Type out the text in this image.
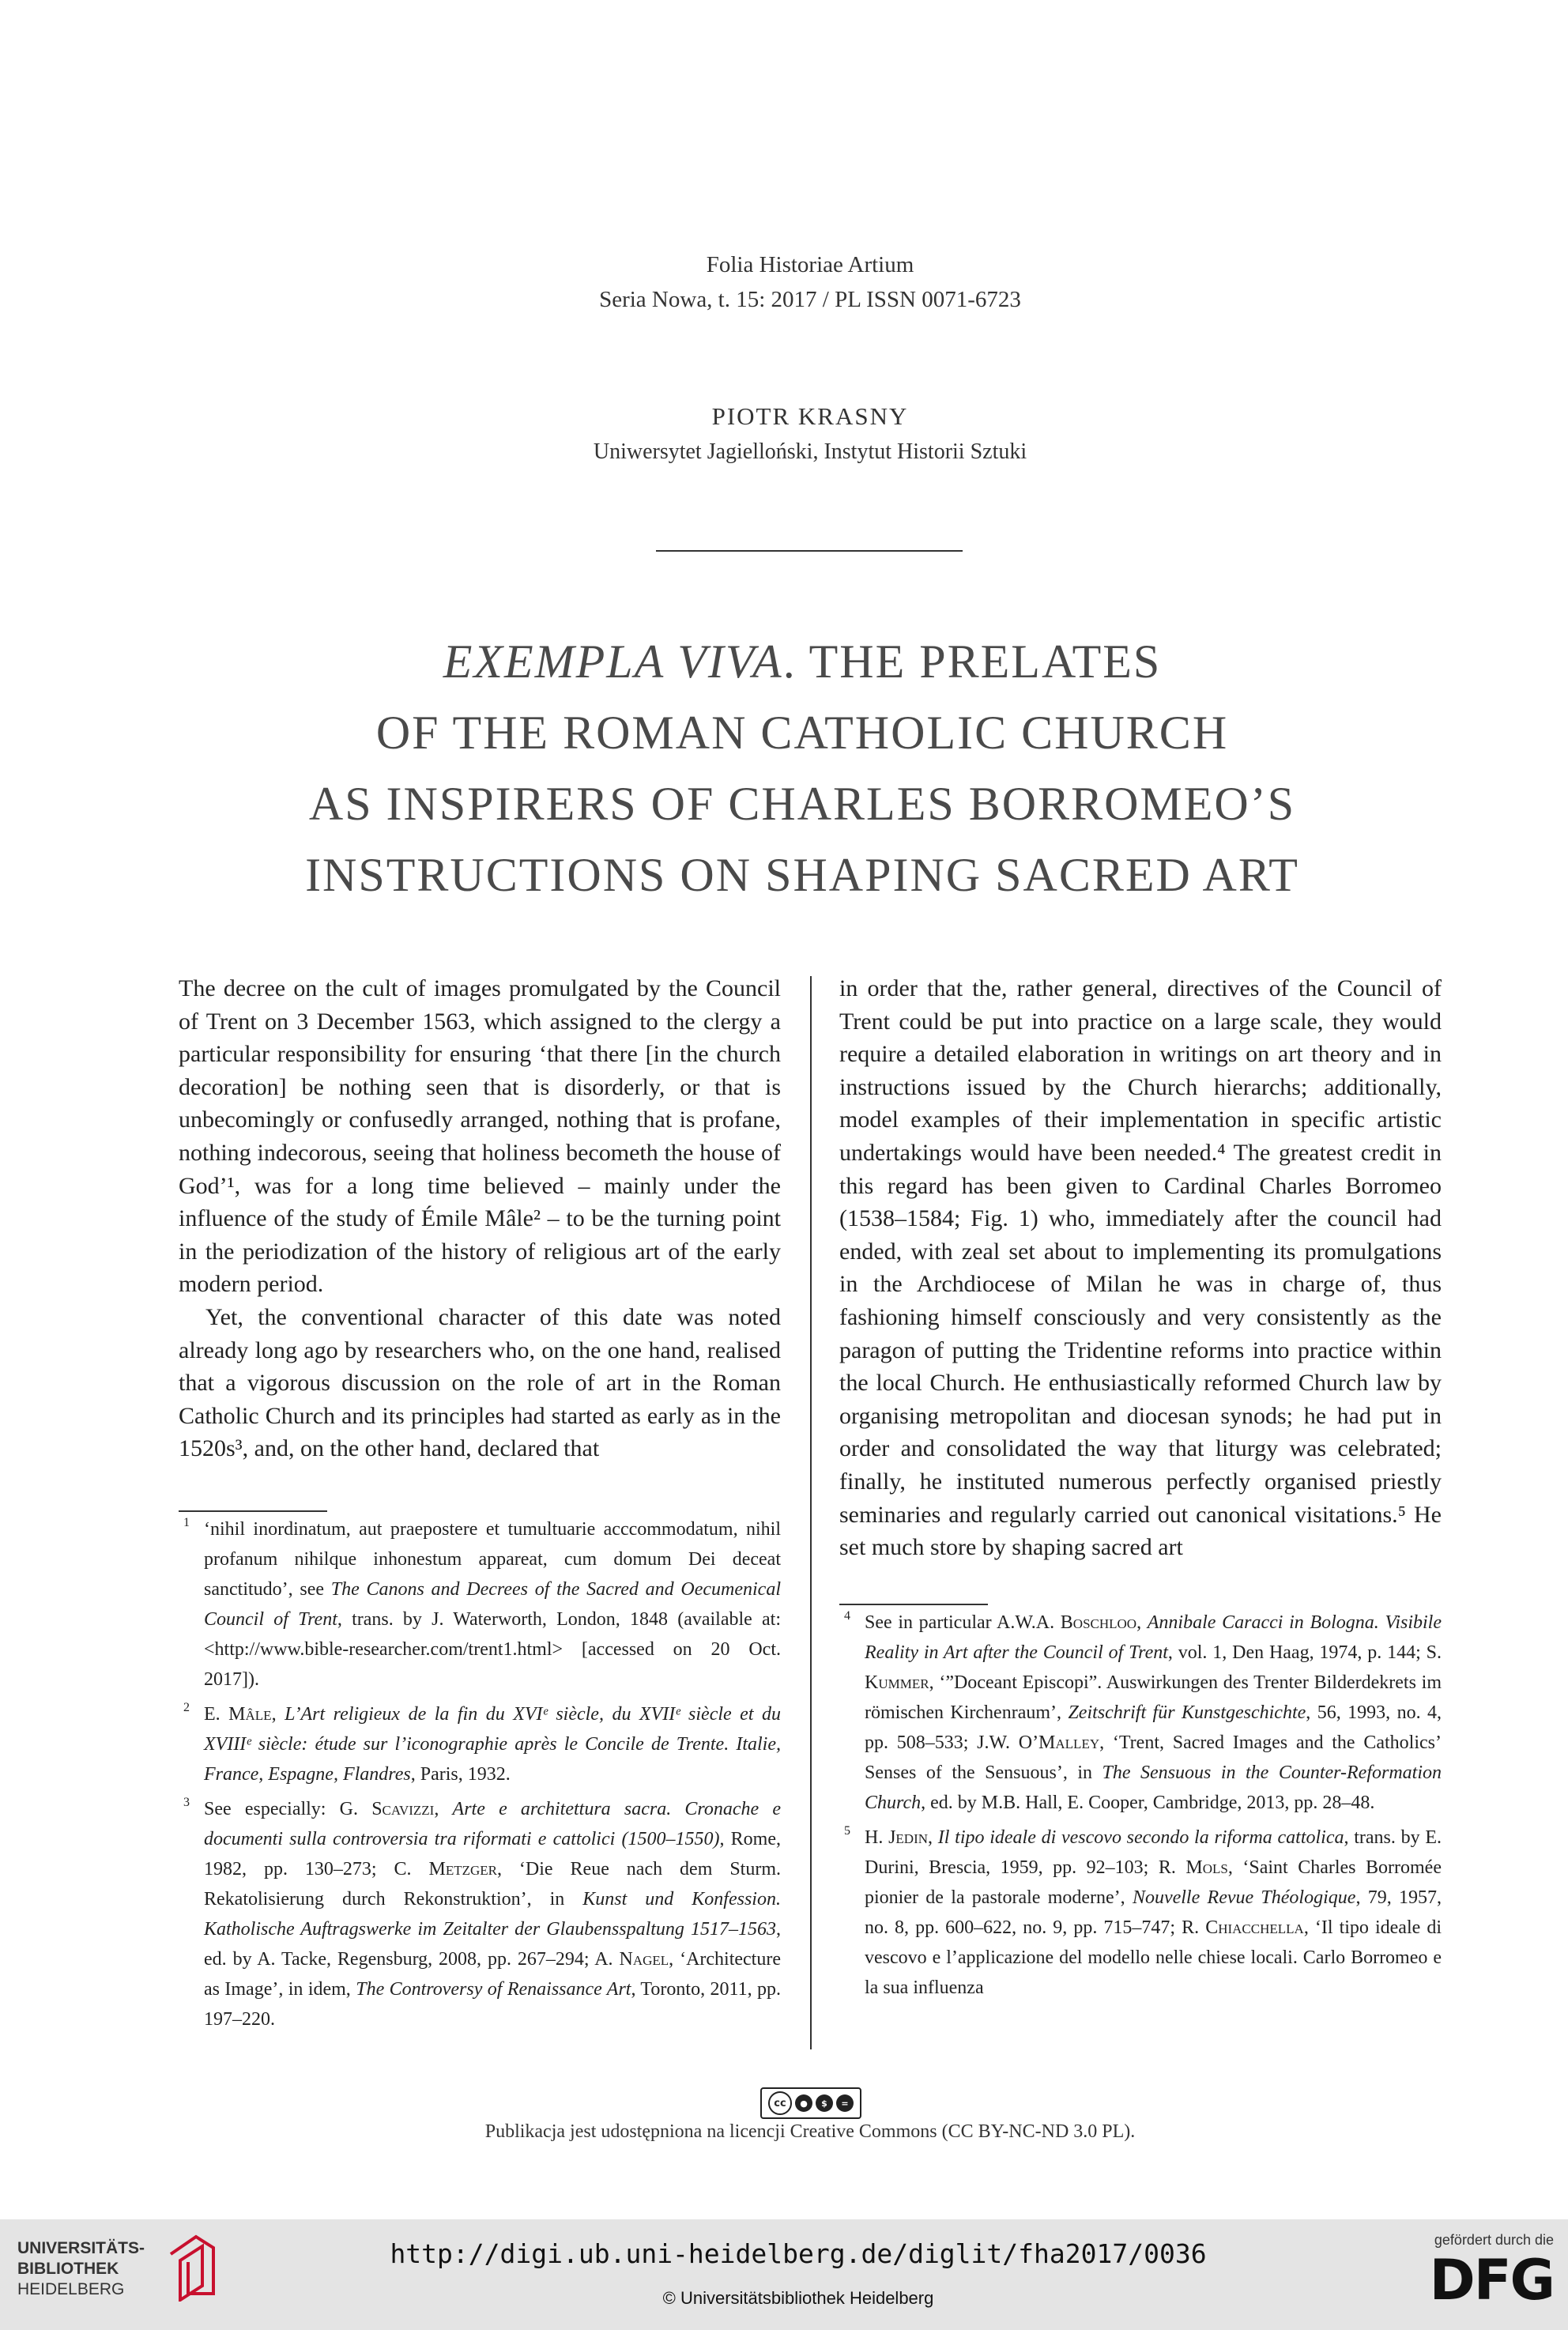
Folia Historiae Artium
Seria Nowa, t. 15: 2017 / PL ISSN 0071-6723
PIOTR KRASNY
Uniwersytet Jagielloński, Instytut Historii Sztuki
EXEMPLA VIVA. THE PRELATES
OF THE ROMAN CATHOLIC CHURCH
AS INSPIRERS OF CHARLES BORROMEO’S
INSTRUCTIONS ON SHAPING SACRED ART

The decree on the cult of images promulgated by the Council of Trent on 3 December 1563, which assigned to the clergy a particular responsibility for ensuring ‘that there [in the church decoration] be nothing seen that is disorderly, or that is unbecomingly or confusedly arranged, nothing that is profane, nothing indecorous, seeing that holiness becometh the house of God’¹, was for a long time believed – mainly under the influence of the study of Émile Mâle² – to be the turning point in the periodization of the history of religious art of the early modern period.

Yet, the conventional character of this date was noted already long ago by researchers who, on the one hand, realised that a vigorous discussion on the role of art in the Roman Catholic Church and its principles had started as early as in the 1520s³, and, on the other hand, declared that

in order that the, rather general, directives of the Council of Trent could be put into practice on a large scale, they would require a detailed elaboration in writings on art theory and in instructions issued by the Church hierarchs; additionally, model examples of their implementation in specific artistic undertakings would have been needed.⁴ The greatest credit in this regard has been given to Cardinal Charles Borromeo (1538–1584; Fig. 1) who, immediately after the council had ended, with zeal set about to implementing its promulgations in the Archdiocese of Milan he was in charge of, thus fashioning himself consciously and very consistently as the paragon of putting the Tridentine reforms into practice within the local Church. He enthusiastically reformed Church law by organising metropolitan and diocesan synods; he had put in order and consolidated the way that liturgy was celebrated; finally, he instituted numerous perfectly organised priestly seminaries and regularly carried out canonical visitations.⁵ He set much store by shaping sacred art

1 ‘nihil inordinatum, aut praepostere et tumultuarie acccommodatum, nihil profanum nihilque inhonestum appareat, cum domum Dei deceat sanctitudo’, see The Canons and Decrees of the Sacred and Oecumenical Council of Trent, trans. by J. Waterworth, London, 1848 (available at: <http://www.bible-researcher.com/trent1.html> [accessed on 20 Oct. 2017]).
2 E. Mâle, L’Art religieux de la fin du XVIᵉ siècle, du XVIIᵉ siècle et du XVIIIᵉ siècle: étude sur l’iconographie après le Concile de Trente. Italie, France, Espagne, Flandres, Paris, 1932.
3 See especially: G. Scavizzi, Arte e architettura sacra. Cronache e documenti sulla controversia tra riformati e cattolici (1500–1550), Rome, 1982, pp. 130–273; C. Metzger, ‘Die Reue nach dem Sturm. Rekatolisierung durch Rekonstruktion’, in Kunst und Konfession. Katholische Auftragswerke im Zeitalter der Glaubensspaltung 1517–1563, ed. by A. Tacke, Regensburg, 2008, pp. 267–294; A. Nagel, ‘Architecture as Image’, in idem, The Controversy of Renaissance Art, Toronto, 2011, pp. 197–220.
4 See in particular A.W.A. Boschloo, Annibale Caracci in Bologna. Visibile Reality in Art after the Council of Trent, vol. 1, Den Haag, 1974, p. 144; S. Kummer, ‘”Doceant Episcopi”. Auswirkungen des Trenter Bilderdekrets im römischen Kirchenraum’, Zeitschrift für Kunstgeschichte, 56, 1993, no. 4, pp. 508–533; J.W. O’Malley, ‘Trent, Sacred Images and the Catholics’ Senses of the Sensuous’, in The Sensuous in the Counter-Reformation Church, ed. by M.B. Hall, E. Cooper, Cambridge, 2013, pp. 28–48.
5 H. Jedin, Il tipo ideale di vescovo secondo la riforma cattolica, trans. by E. Durini, Brescia, 1959, pp. 92–103; R. Mols, ‘Saint Charles Borromée pionier de la pastorale moderne’, Nouvelle Revue Théologique, 79, 1957, no. 8, pp. 600–622, no. 9, pp. 715–747; R. Chiacchella, ‘Il tipo ideale di vescovo e l’applicazione del modello nelle chiese locali. Carlo Borromeo e la sua influenza
cc	●	$	=
Publikacja jest udostępniona na licencji Creative Commons (CC BY-NC-ND 3.0 PL).
UNIVERSITÄTS-
BIBLIOTHEK
HEIDELBERG
http://digi.ub.uni-heidelberg.de/diglit/fha2017/0036
© Universitätsbibliothek Heidelberg
gefördert durch die
DFG
